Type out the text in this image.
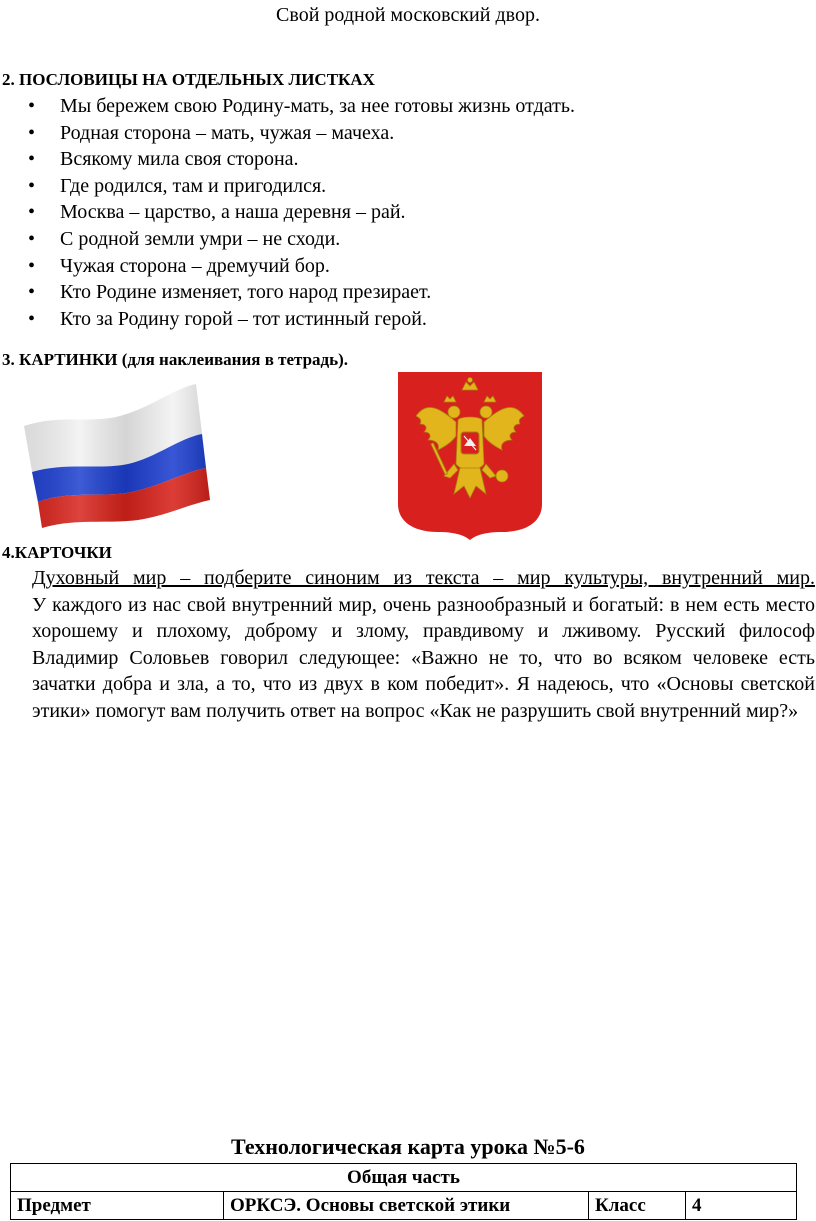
Свой родной московский двор.
2. ПОСЛОВИЦЫ НА ОТДЕЛЬНЫХ ЛИСТКАХ
• Мы бережем свою Родину-мать, за нее готовы жизнь отдать.
• Родная сторона – мать, чужая – мачеха.
• Всякому мила своя сторона.
• Где родился, там и пригодился.
• Москва – царство, а наша деревня – рай.
• С родной земли умри – не сходи.
• Чужая сторона – дремучий бор.
• Кто Родине изменяет, того народ презирает.
• Кто за Родину горой – тот истинный герой.
3. КАРТИНКИ (для наклеивания в тетрадь).
4.КАРТОЧКИ
Духовный мир – подберите синоним из текста – мир культуры, внутренний мир.
У каждого из нас свой внутренний мир, очень разнообразный и богатый: в нем есть место хорошему и плохому, доброму и злому, правдивому и лживому. Русский философ Владимир Соловьев говорил следующее: «Важно не то, что во всяком человеке есть зачатки добра и зла, а то, что из двух в ком победит». Я надеюсь, что «Основы светской этики» помогут вам получить ответ на вопрос «Как не разрушить свой внутренний мир?»
Технологическая карта урока №5-6
Общая часть
Предмет	ОРКСЭ. Основы светской этики	Класс	4
